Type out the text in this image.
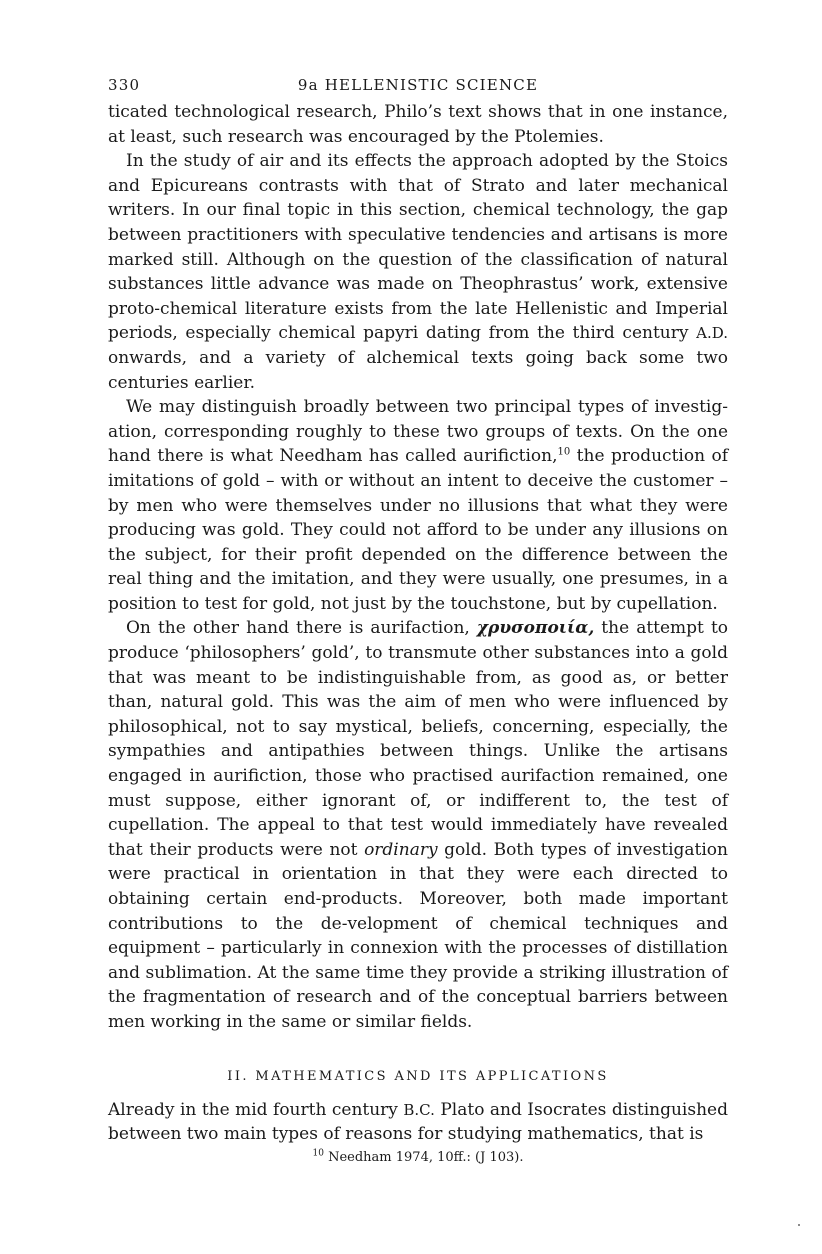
330	9a HELLENISTIC SCIENCE

ticated technological research, Philo’s text shows that in one instance, at least, such research was encouraged by the Ptolemies.

In the study of air and its effects the approach adopted by the Stoics and Epicureans contrasts with that of Strato and later mechanical writers. In our final topic in this section, chemical technology, the gap between practitioners with speculative tendencies and artisans is more marked still. Although on the question of the classification of natural substances little advance was made on Theophrastus’ work, extensive proto-chemical literature exists from the late Hellenistic and Imperial periods, especially chemical papyri dating from the third century A.D. onwards, and a variety of alchemical texts going back some two centuries earlier.

We may distinguish broadly between two principal types of investig-ation, corresponding roughly to these two groups of texts. On the one hand there is what Needham has called aurifiction,$^{10}$ the production of imitations of gold – with or without an intent to deceive the customer – by men who were themselves under no illusions that what they were producing was gold. They could not afford to be under any illusions on the subject, for their profit depended on the difference between the real thing and the imitation, and they were usually, one presumes, in a position to test for gold, not just by the touchstone, but by cupellation.

On the other hand there is aurifaction, χρυσοποιία, the attempt to produce ‘philosophers’ gold’, to transmute other substances into a gold that was meant to be indistinguishable from, as good as, or better than, natural gold. This was the aim of men who were influenced by philosophical, not to say mystical, beliefs, concerning, especially, the sympathies and antipathies between things. Unlike the artisans engaged in aurifiction, those who practised aurifaction remained, one must suppose, either ignorant of, or indifferent to, the test of cupellation. The appeal to that test would immediately have revealed that their products were not ordinary gold. Both types of investigation were practical in orientation in that they were each directed to obtaining certain end-products. Moreover, both made important contributions to the de-velopment of chemical techniques and equipment – particularly in connexion with the processes of distillation and sublimation. At the same time they provide a striking illustration of the fragmentation of research and of the conceptual barriers between men working in the same or similar fields.

II. MATHEMATICS AND ITS APPLICATIONS

Already in the mid fourth century B.C. Plato and Isocrates distinguished between two main types of reasons for studying mathematics, that is

$^{10}$ Needham 1974, 10ff.: (J 103).
